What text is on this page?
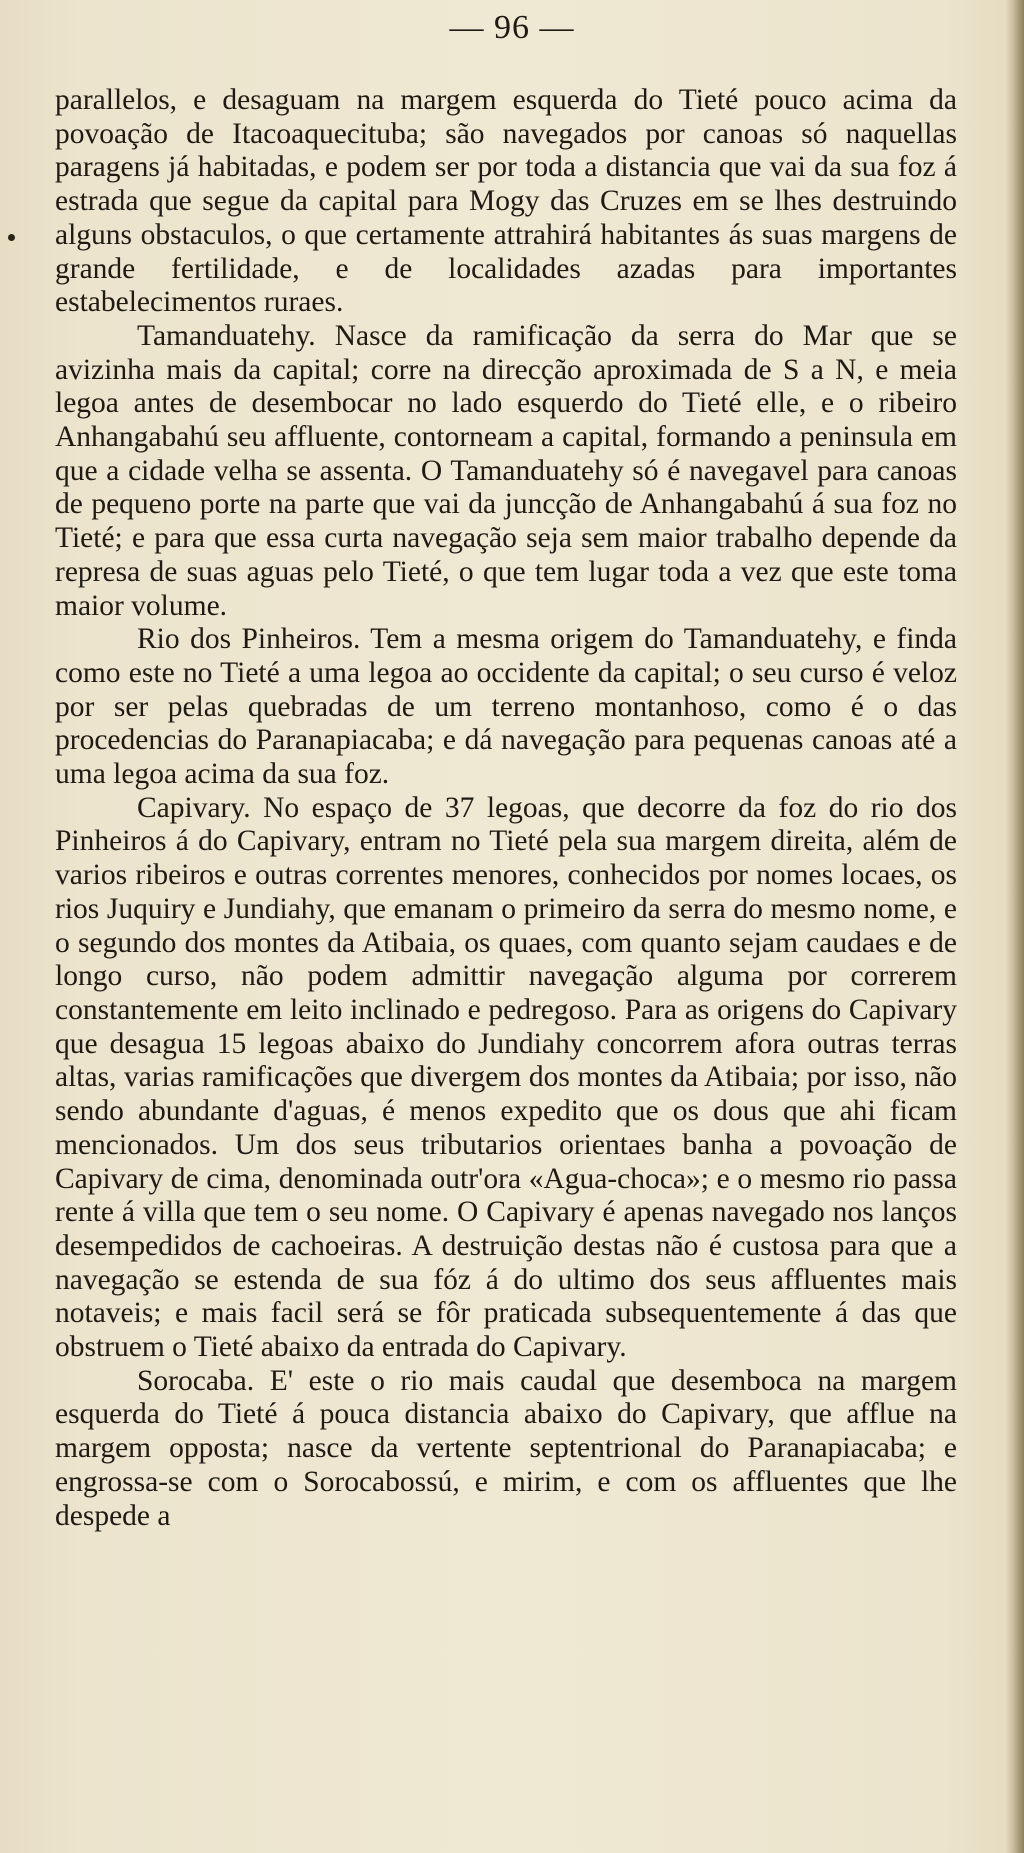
— 96 —

parallelos, e desaguam na margem esquerda do Tieté pouco acima da povoação de Itacoaquecituba; são navegados por canoas só naquellas paragens já habitadas, e podem ser por toda a distancia que vai da sua foz á estrada que segue da capital para Mogy das Cruzes em se lhes destruindo alguns obstaculos, o que certamente attrahirá habitantes ás suas margens de grande fertilidade, e de localidades azadas para importantes estabelecimentos ruraes.

Tamanduatehy. Nasce da ramificação da serra do Mar que se avizinha mais da capital; corre na direcção aproximada de S a N, e meia legoa antes de desembocar no lado esquerdo do Tieté elle, e o ribeiro Anhangabahú seu affluente, contorneam a capital, formando a peninsula em que a cidade velha se assenta. O Tamanduatehy só é navegavel para canoas de pequeno porte na parte que vai da juncção de Anhangabahú á sua foz no Tieté; e para que essa curta navegação seja sem maior trabalho depende da represa de suas aguas pelo Tieté, o que tem lugar toda a vez que este toma maior volume.

Rio dos Pinheiros. Tem a mesma origem do Tamanduatehy, e finda como este no Tieté a uma legoa ao occidente da capital; o seu curso é veloz por ser pelas quebradas de um terreno montanhoso, como é o das procedencias do Paranapiacaba; e dá navegação para pequenas canoas até a uma legoa acima da sua foz.

Capivary. No espaço de 37 legoas, que decorre da foz do rio dos Pinheiros á do Capivary, entram no Tieté pela sua margem direita, além de varios ribeiros e outras correntes menores, conhecidos por nomes locaes, os rios Juquiry e Jundiahy, que emanam o primeiro da serra do mesmo nome, e o segundo dos montes da Atibaia, os quaes, com quanto sejam caudaes e de longo curso, não podem admittir navegação alguma por correrem constantemente em leito inclinado e pedregoso. Para as origens do Capivary que desagua 15 legoas abaixo do Jundiahy concorrem afora outras terras altas, varias ramificações que divergem dos montes da Atibaia; por isso, não sendo abundante d'aguas, é menos expedito que os dous que ahi ficam mencionados. Um dos seus tributarios orientaes banha a povoação de Capivary de cima, denominada outr'ora «Agua-choca»; e o mesmo rio passa rente á villa que tem o seu nome. O Capivary é apenas navegado nos lanços desempedidos de cachoeiras. A destruição destas não é custosa para que a navegação se estenda de sua fóz á do ultimo dos seus affluentes mais notaveis; e mais facil será se fôr praticada subsequentemente á das que obstruem o Tieté abaixo da entrada do Capivary.

Sorocaba. E' este o rio mais caudal que desemboca na margem esquerda do Tieté á pouca distancia abaixo do Capivary, que afflue na margem opposta; nasce da vertente septentrional do Paranapiacaba; e engrossa-se com o Sorocabossú, e mirim, e com os affluentes que lhe despede a
